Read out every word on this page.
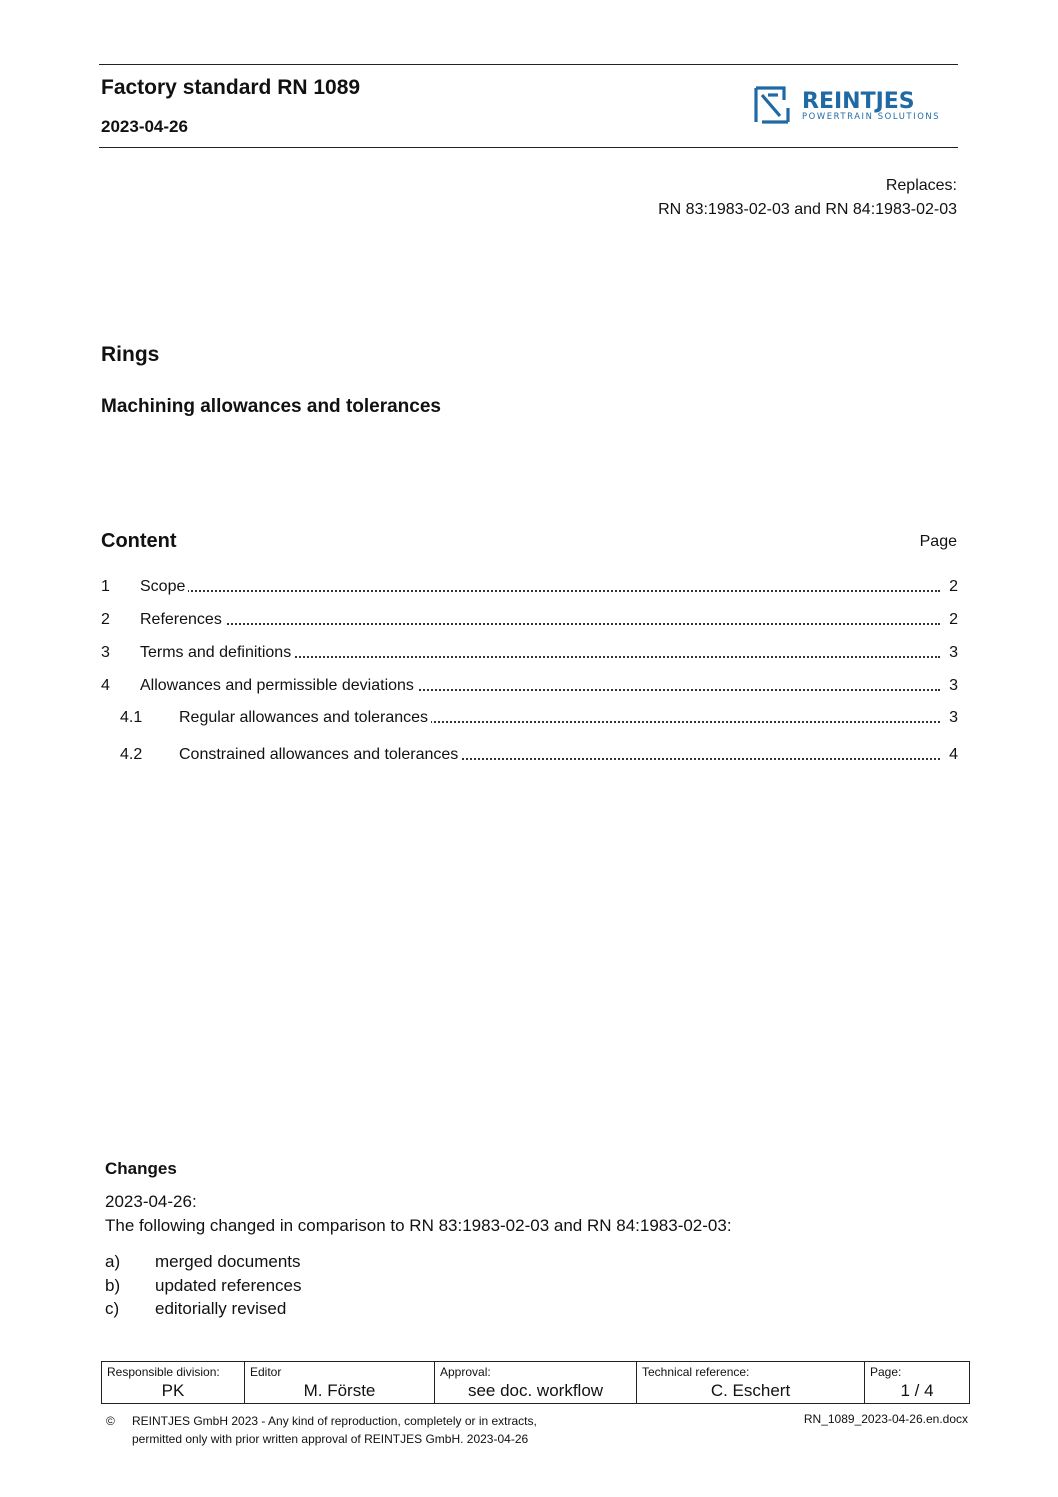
Factory standard RN 1089
2023-04-26
REINTJES
POWERTRAIN SOLUTIONS
Replaces:
RN 83:1983-02-03 and RN 84:1983-02-03
Rings
Machining allowances and tolerances
Content	Page
1 Scope	2
2 References	2
3 Terms and definitions	3
4 Allowances and permissible deviations	3
4.1 Regular allowances and tolerances	3
4.2 Constrained allowances and tolerances	4
Changes
2023-04-26:
The following changed in comparison to RN 83:1983-02-03 and RN 84:1983-02-03:
a) merged documents
b) updated references
c) editorially revised
Responsible division:
PK

Editor
M. Förste

Approval:
see doc. workflow

Technical reference:
C. Eschert

Page:
1 / 4
© REINTJES GmbH 2023 - Any kind of reproduction, completely or in extracts,
permitted only with prior written approval of REINTJES GmbH. 2023-04-26
RN_1089_2023-04-26.en.docx
